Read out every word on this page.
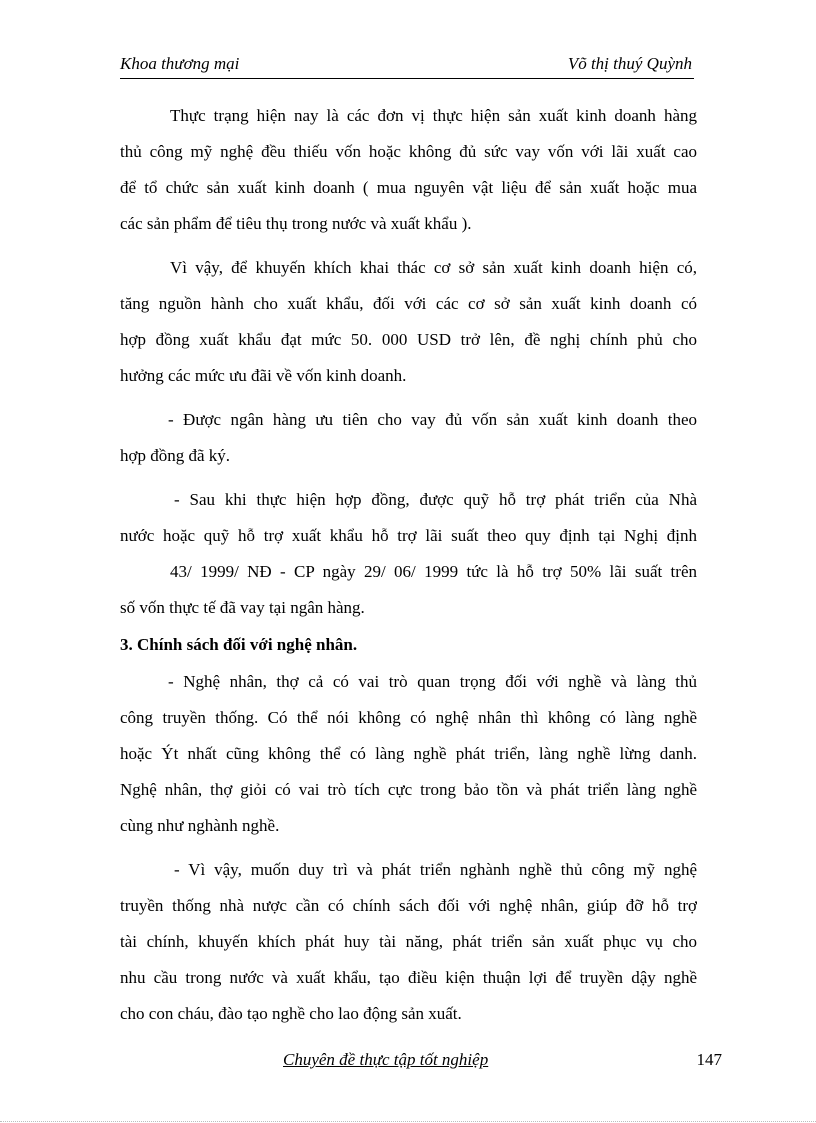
Khoa thương mại	Võ thị thuý Quỳnh
Thực trạng hiện nay là các đơn vị thực hiện sản xuất kinh doanh hàng
thủ công mỹ nghệ đều thiếu vốn hoặc không đủ sức vay vốn với lãi xuất cao
để tổ chức sản xuất kinh doanh ( mua nguyên vật liệu để sản xuất hoặc mua
các sản phẩm để tiêu thụ trong nước và xuất khẩu ).
Vì vậy, để khuyến khích khai thác cơ sở sản xuất kinh doanh hiện có,
tăng nguồn hành cho xuất khẩu, đối với các cơ sở sản xuất kinh doanh có
hợp đồng xuất khẩu đạt mức 50. 000 USD trở lên, đề nghị chính phủ cho
hưởng các mức ưu đãi về vốn kinh doanh.
- Được ngân hàng ưu tiên cho vay đủ vốn sản xuất kinh doanh theo
hợp đồng đã ký.
- Sau khi thực hiện hợp đồng, được quỹ hỗ trợ phát triển của Nhà
nước hoặc quỹ hỗ trợ xuất khẩu hỗ trợ lãi suất theo quy định tại Nghị định
43/ 1999/ NĐ - CP ngày 29/ 06/ 1999 tức là hỗ trợ 50% lãi suất trên
số vốn thực tế đã vay tại ngân hàng.
3. Chính sách đối với nghệ nhân.
- Nghệ nhân, thợ cả có vai trò quan trọng đối với nghề và làng thủ
công truyền thống. Có thể nói không có nghệ nhân thì không có làng nghề
hoặc Ýt nhất cũng không thể có làng nghề phát triển, làng nghề lừng danh.
Nghệ nhân, thợ giỏi có vai trò tích cực trong bảo tồn và phát triển làng nghề
cùng như nghành nghề.
- Vì vậy, muốn duy trì và phát triển nghành nghề thủ công mỹ nghệ
truyền thống nhà nược cần có chính sách đối với nghệ nhân, giúp đỡ hỗ trợ
tài chính, khuyến khích phát huy tài năng, phát triển sản xuất phục vụ cho
nhu cầu trong nước và xuất khẩu, tạo điều kiện thuận lợi để truyền dậy nghề
cho con cháu, đào tạo nghề cho lao động sản xuất.
Chuyên đề thực tập tốt nghiệp	147
